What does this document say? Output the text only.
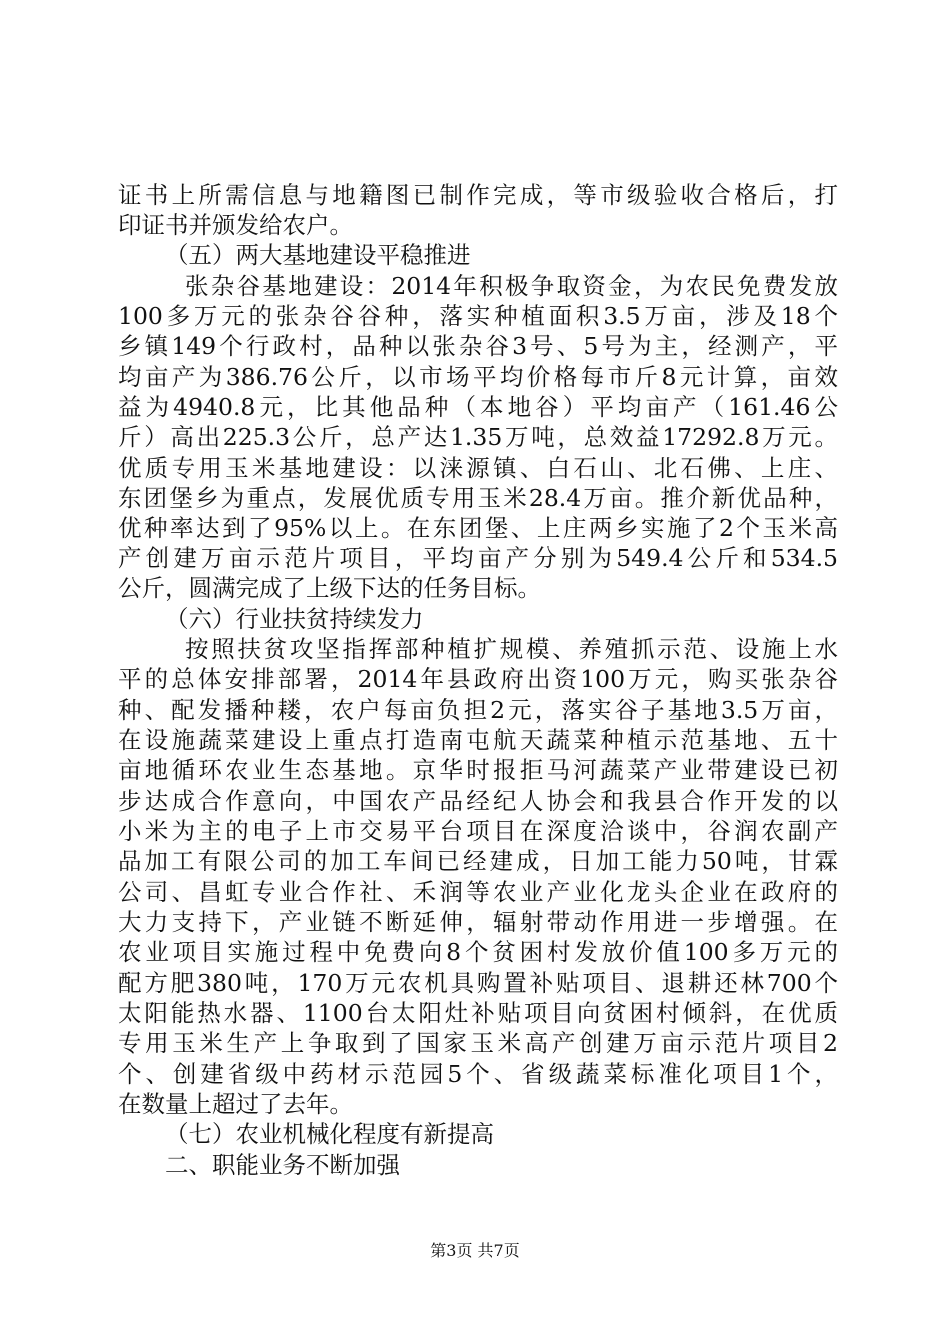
证书上所需信息与地籍图已制作完成，等市级验收合格后，打
印证书并颁发给农户。
（五）两大基地建设平稳推进
张杂谷基地建设：2014年积极争取资金，为农民免费发放
100多万元的张杂谷谷种，落实种植面积3.5万亩，涉及18个
乡镇149个行政村，品种以张杂谷3号、5号为主，经测产，平
均亩产为386.76公斤，以市场平均价格每市斤8元计算，亩效
益为4940.8元，比其他品种（本地谷）平均亩产（161.46公
斤）高出225.3公斤，总产达1.35万吨，总效益17292.8万元。
优质专用玉米基地建设：以涞源镇、白石山、北石佛、上庄、
东团堡乡为重点，发展优质专用玉米28.4万亩。推介新优品种，
优种率达到了95%以上。在东团堡、上庄两乡实施了2个玉米高
产创建万亩示范片项目，平均亩产分别为549.4公斤和534.5
公斤，圆满完成了上级下达的任务目标。
（六）行业扶贫持续发力
按照扶贫攻坚指挥部种植扩规模、养殖抓示范、设施上水
平的总体安排部署，2014年县政府出资100万元，购买张杂谷
种、配发播种耧，农户每亩负担2元，落实谷子基地3.5万亩，
在设施蔬菜建设上重点打造南屯航天蔬菜种植示范基地、五十
亩地循环农业生态基地。京华时报拒马河蔬菜产业带建设已初
步达成合作意向，中国农产品经纪人协会和我县合作开发的以
小米为主的电子上市交易平台项目在深度洽谈中，谷润农副产
品加工有限公司的加工车间已经建成，日加工能力50吨，甘霖
公司、昌虹专业合作社、禾润等农业产业化龙头企业在政府的
大力支持下，产业链不断延伸，辐射带动作用进一步增强。在
农业项目实施过程中免费向8个贫困村发放价值100多万元的
配方肥380吨，170万元农机具购置补贴项目、退耕还林700个
太阳能热水器、1100台太阳灶补贴项目向贫困村倾斜，在优质
专用玉米生产上争取到了国家玉米高产创建万亩示范片项目2
个、创建省级中药材示范园5个、省级蔬菜标准化项目1个，
在数量上超过了去年。
（七）农业机械化程度有新提高
二、职能业务不断加强
第3页 共7页
